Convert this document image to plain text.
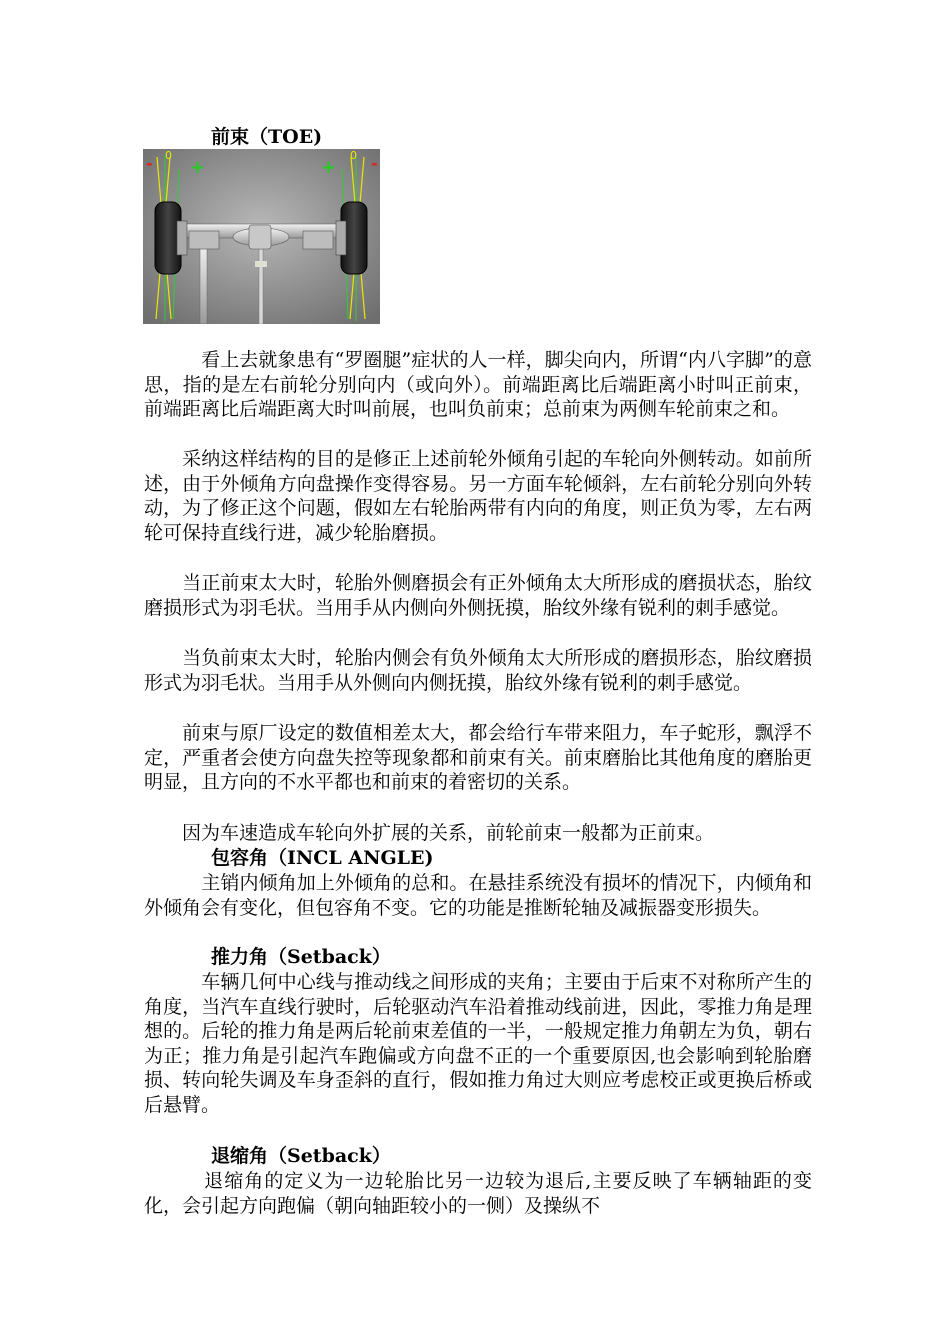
前束（TOE)
- 0
+	+
0 -
　　　看上去就象患有“罗圈腿”症状的人一样，脚尖向内，所谓“内八字脚”的意思，指的是左右前轮分别向内（或向外）。前端距离比后端距离小时叫正前束，前端距离比后端距离大时叫前展，也叫负前束；总前束为两侧车轮前束之和。
　　采纳这样结构的目的是修正上述前轮外倾角引起的车轮向外侧转动。如前所述，由于外倾角方向盘操作变得容易。另一方面车轮倾斜，左右前轮分别向外转动，为了修正这个问题，假如左右轮胎两带有内向的角度，则正负为零，左右两轮可保持直线行进，减少轮胎磨损。
　　当正前束太大时，轮胎外侧磨损会有正外倾角太大所形成的磨损状态，胎纹磨损形式为羽毛状。当用手从内侧向外侧抚摸，胎纹外缘有锐利的刺手感觉。
　　当负前束太大时，轮胎内侧会有负外倾角太大所形成的磨损形态，胎纹磨损形式为羽毛状。当用手从外侧向内侧抚摸，胎纹外缘有锐利的刺手感觉。
　　前束与原厂设定的数值相差太大，都会给行车带来阻力，车子蛇形，飘浮不定，严重者会使方向盘失控等现象都和前束有关。前束磨胎比其他角度的磨胎更明显，且方向的不水平都也和前束的着密切的关系。
　　因为车速造成车轮向外扩展的关系，前轮前束一般都为正前束。
包容角（INCL ANGLE)
　　　主销内倾角加上外倾角的总和。在悬挂系统没有损坏的情况下，内倾角和外倾角会有变化，但包容角不变。它的功能是推断轮轴及减振器变形损失。
推力角（Setback）
　　　车辆几何中心线与推动线之间形成的夹角；主要由于后束不对称所产生的角度，当汽车直线行驶时，后轮驱动汽车沿着推动线前进，因此，零推力角是理想的。后轮的推力角是两后轮前束差值的一半，一般规定推力角朝左为负，朝右为正；推力角是引起汽车跑偏或方向盘不正的一个重要原因,也会影响到轮胎磨损、转向轮失调及车身歪斜的直行，假如推力角过大则应考虑校正或更换后桥或后悬臂。
退缩角（Setback）
　　　退缩角的定义为一边轮胎比另一边较为退后,主要反映了车辆轴距的变化，会引起方向跑偏（朝向轴距较小的一侧）及操纵不
